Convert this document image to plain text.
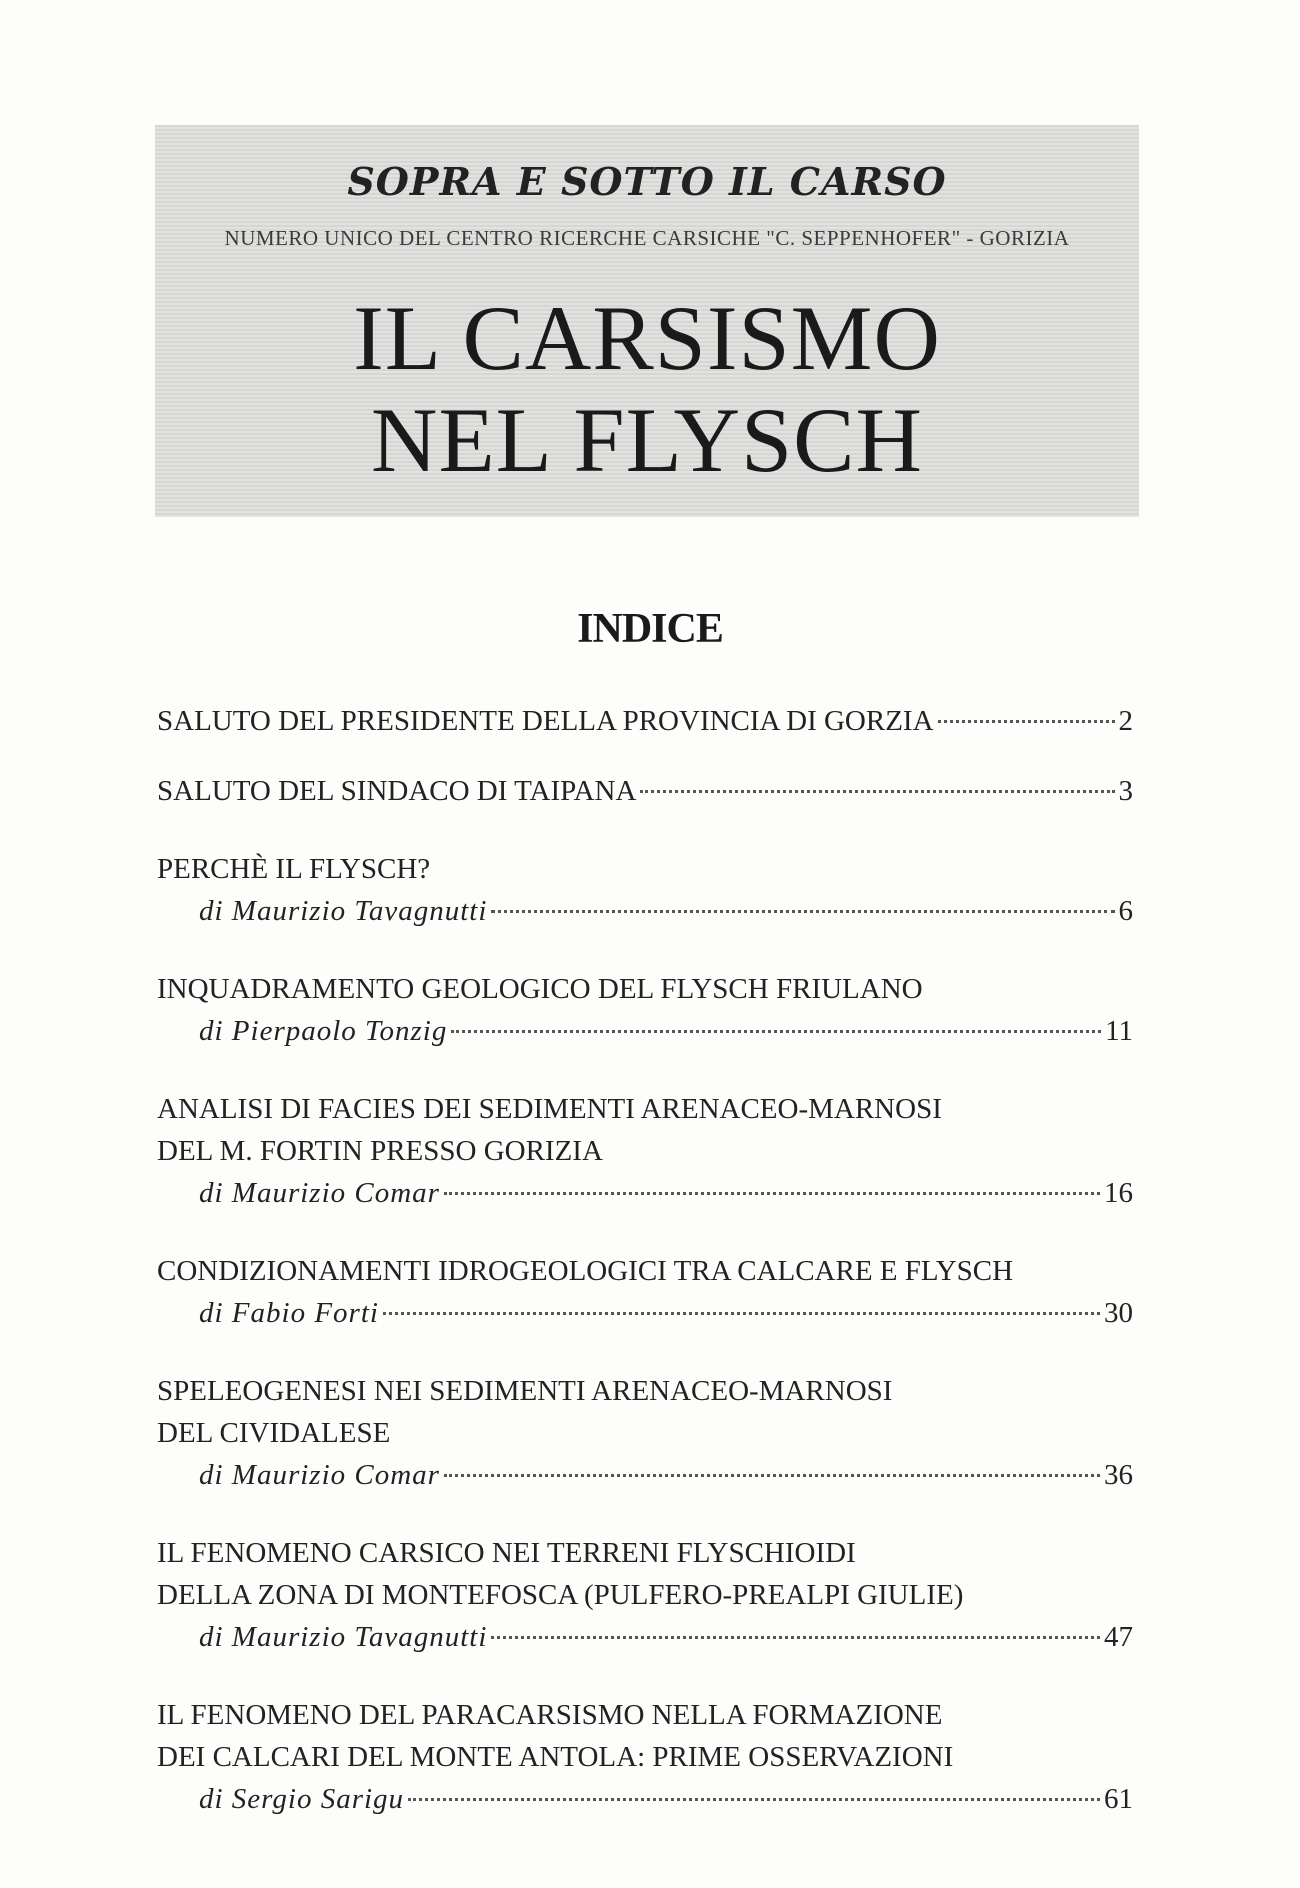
SOPRA E SOTTO IL CARSO
NUMERO UNICO DEL CENTRO RICERCHE CARSICHE "C. SEPPENHOFER" - GORIZIA
IL CARSISMO
NEL FLYSCH
INDICE
SALUTO DEL PRESIDENTE DELLA PROVINCIA DI GORZIA	2
SALUTO DEL SINDACO DI TAIPANA	3
PERCHÈ IL FLYSCH?
di Maurizio Tavagnutti	6
INQUADRAMENTO GEOLOGICO DEL FLYSCH FRIULANO
di Pierpaolo Tonzig	11
ANALISI DI FACIES DEI SEDIMENTI ARENACEO-MARNOSI
DEL M. FORTIN PRESSO GORIZIA
di Maurizio Comar	16
CONDIZIONAMENTI IDROGEOLOGICI TRA CALCARE E FLYSCH
di Fabio Forti	30
SPELEOGENESI NEI SEDIMENTI ARENACEO-MARNOSI
DEL CIVIDALESE
di Maurizio Comar	36
IL FENOMENO CARSICO NEI TERRENI FLYSCHIOIDI
DELLA ZONA DI MONTEFOSCA (PULFERO-PREALPI GIULIE)
di Maurizio Tavagnutti	47
IL FENOMENO DEL PARACARSISMO NELLA FORMAZIONE
DEI CALCARI DEL MONTE ANTOLA: PRIME OSSERVAZIONI
di Sergio Sarigu	61
